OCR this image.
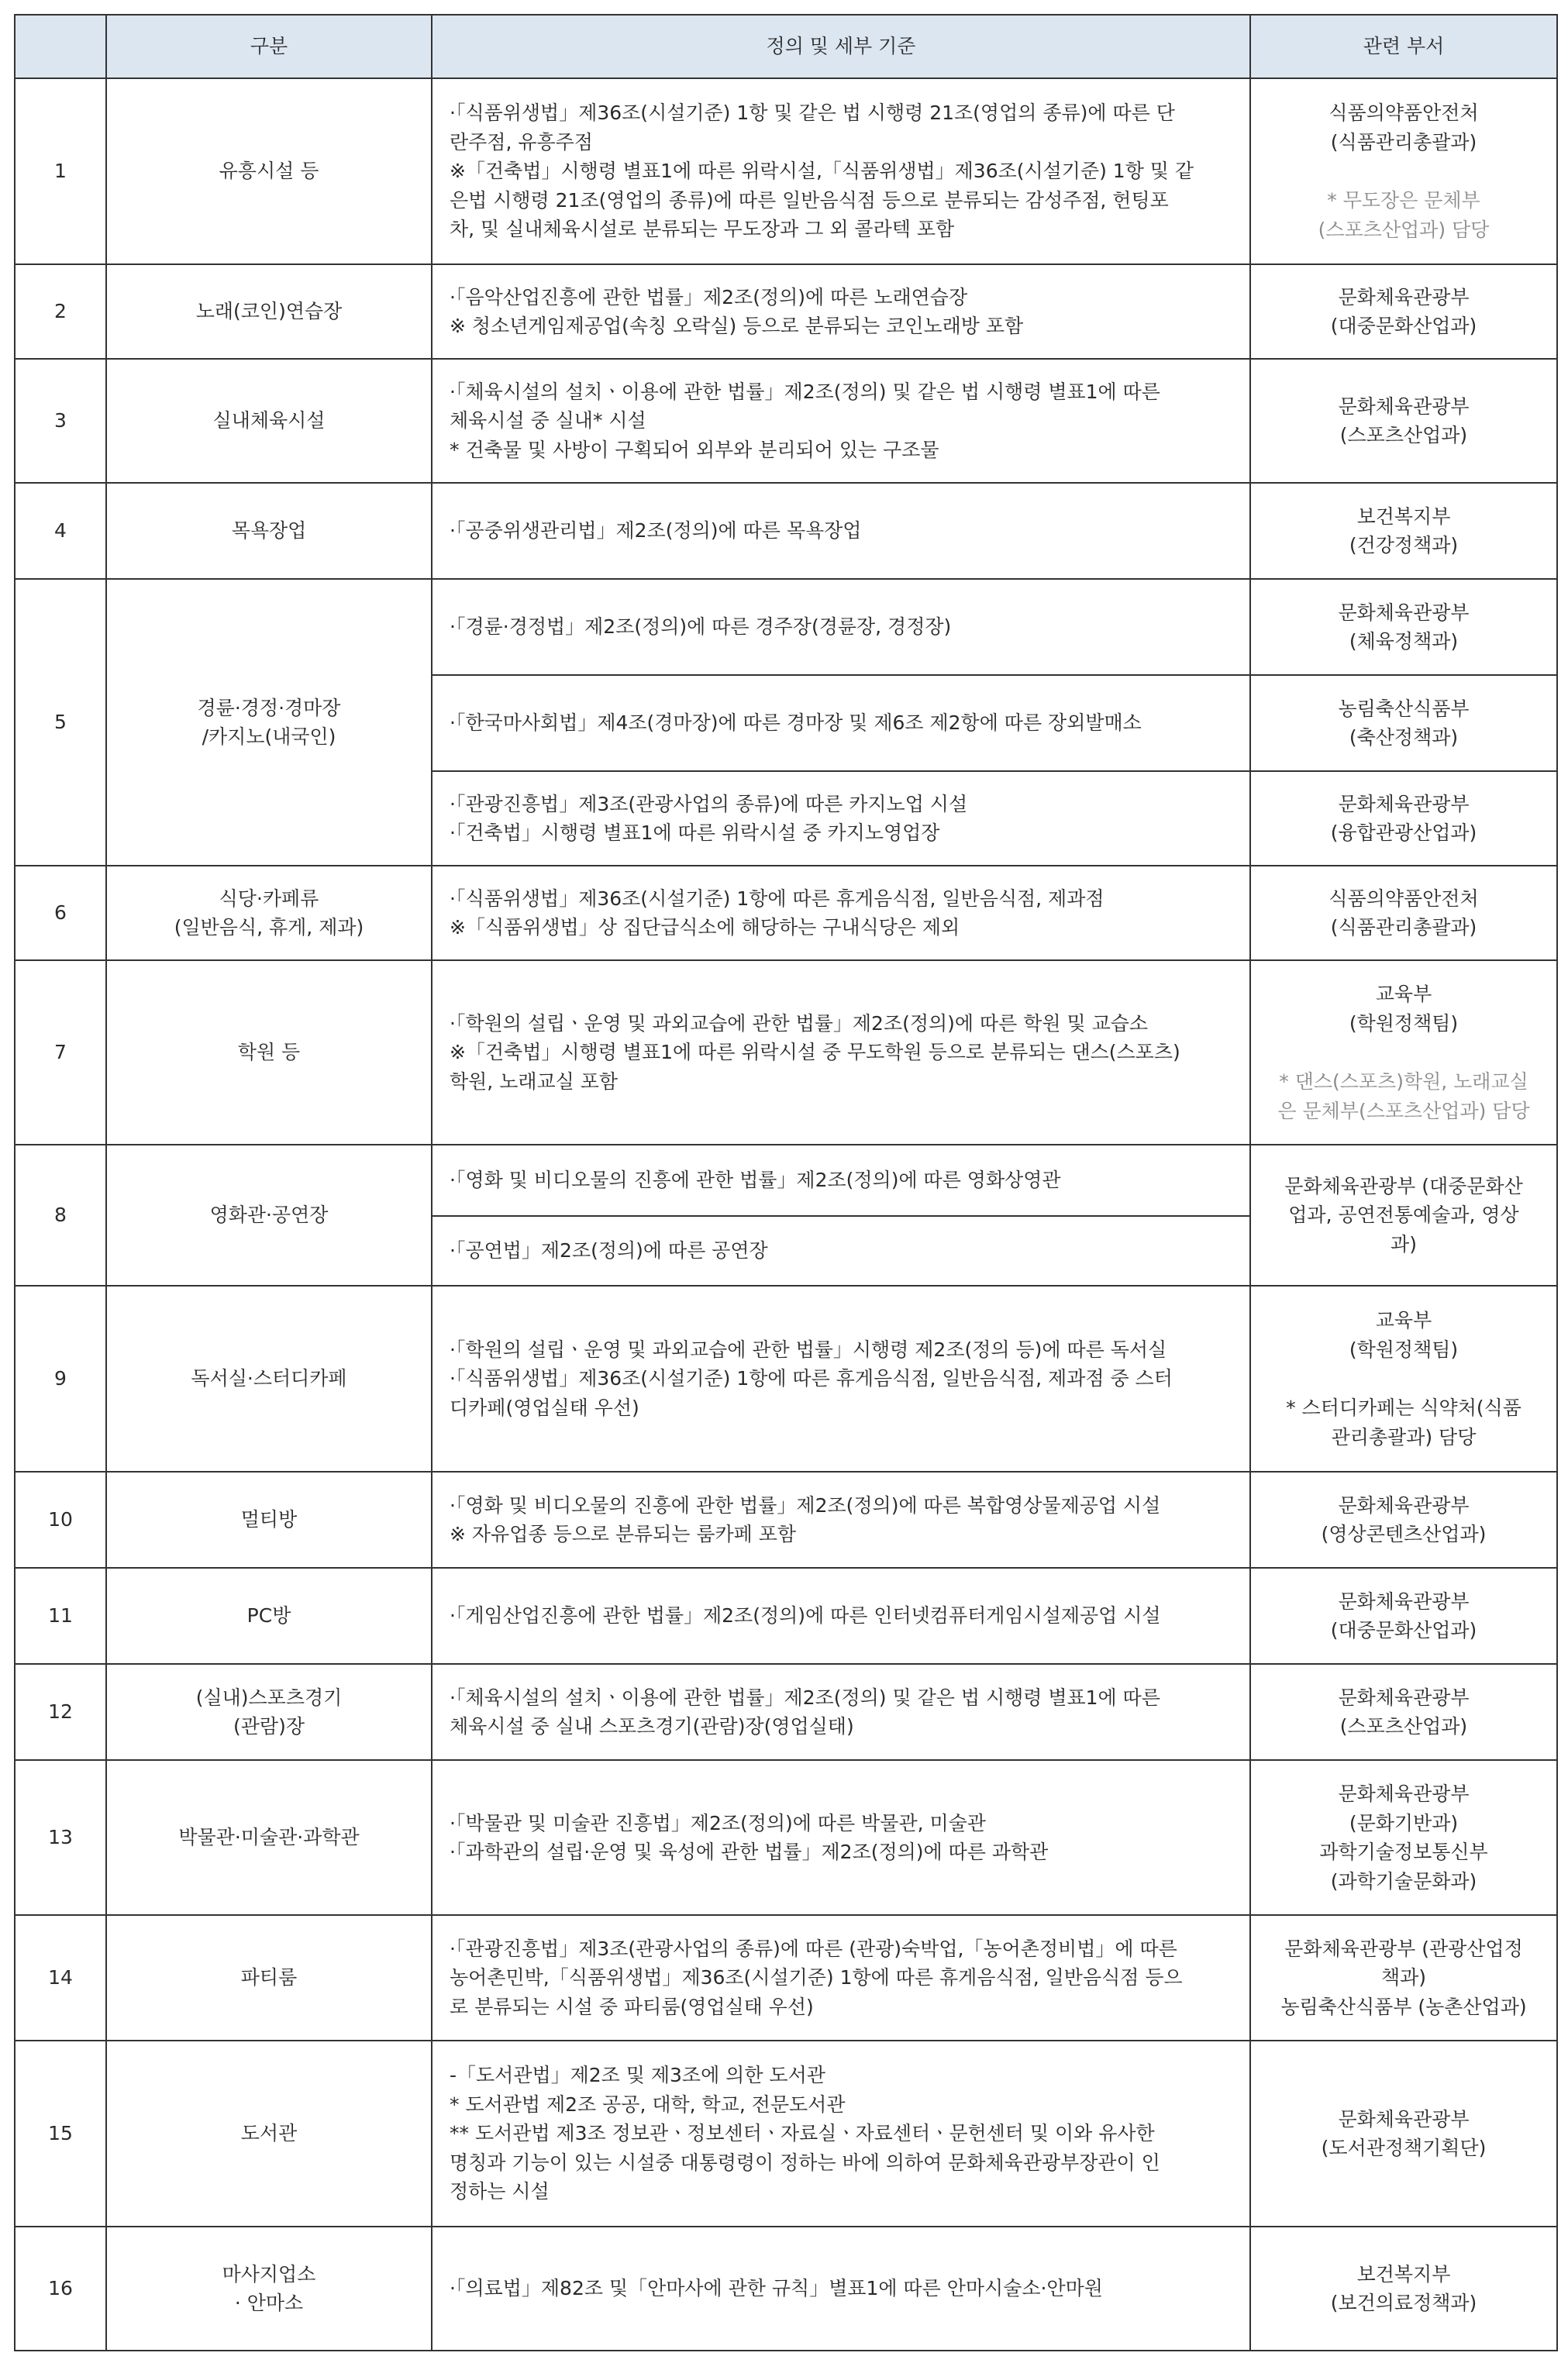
	구분	정의 및 세부 기준	관련 부서
1	유흥시설 등	·「식품위생법」제36조(시설기준) 1항 및 같은 법 시행령 21조(영업의 종류)에 따른 단
란주점, 유흥주점
※「건축법」시행령 별표1에 따른 위락시설,「식품위생법」제36조(시설기준) 1항 및 같
은법 시행령 21조(영업의 종류)에 따른 일반음식점 등으로 분류되는 감성주점, 헌팅포
차, 및 실내체육시설로 분류되는 무도장과 그 외 콜라텍 포함	식품의약품안전처
(식품관리총괄과)
* 무도장은 문체부
(스포츠산업과) 담당

2	노래(코인)연습장	·「음악산업진흥에 관한 법률」제2조(정의)에 따른 노래연습장
※ 청소년게임제공업(속칭 오락실) 등으로 분류되는 코인노래방 포함	문화체육관광부
(대중문화산업과)

3	실내체육시설	·「체육시설의 설치ㆍ이용에 관한 법률」제2조(정의) 및 같은 법 시행령 별표1에 따른
체육시설 중 실내* 시설
* 건축물 및 사방이 구획되어 외부와 분리되어 있는 구조물	문화체육관광부
(스포츠산업과)

4	목욕장업	·「공중위생관리법」제2조(정의)에 따른 목욕장업	보건복지부
(건강정책과)

5	경륜·경정·경마장
/카지노(내국인)	·「경륜·경정법」제2조(정의)에 따른 경주장(경륜장, 경정장)	문화체육관광부
(체육정책과)

		·「한국마사회법」제4조(경마장)에 따른 경마장 및 제6조 제2항에 따른 장외발매소	농림축산식품부
(축산정책과)

		·「관광진흥법」제3조(관광사업의 종류)에 따른 카지노업 시설
·「건축법」시행령 별표1에 따른 위락시설 중 카지노영업장	문화체육관광부
(융합관광산업과)

6	식당·카페류
(일반음식, 휴게, 제과)	·「식품위생법」제36조(시설기준) 1항에 따른 휴게음식점, 일반음식점, 제과점
※「식품위생법」상 집단급식소에 해당하는 구내식당은 제외	식품의약품안전처
(식품관리총괄과)

7	학원 등	·「학원의 설립ㆍ운영 및 과외교습에 관한 법률」제2조(정의)에 따른 학원 및 교습소
※「건축법」시행령 별표1에 따른 위락시설 중 무도학원 등으로 분류되는 댄스(스포츠)
학원, 노래교실 포함	교육부
(학원정책팀)
* 댄스(스포츠)학원, 노래교실
은 문체부(스포츠산업과) 담당

8	영화관·공연장	·「영화 및 비디오물의 진흥에 관한 법률」제2조(정의)에 따른 영화상영관	문화체육관광부 (대중문화산
업과, 공연전통예술과, 영상
과)

		·「공연법」제2조(정의)에 따른 공연장	

9	독서실·스터디카페	·「학원의 설립ㆍ운영 및 과외교습에 관한 법률」시행령 제2조(정의 등)에 따른 독서실
·「식품위생법」제36조(시설기준) 1항에 따른 휴게음식점, 일반음식점, 제과점 중 스터
디카페(영업실태 우선)	교육부
(학원정책팀)
* 스터디카페는 식약처(식품
관리총괄과) 담당

10	멀티방	·「영화 및 비디오물의 진흥에 관한 법률」제2조(정의)에 따른 복합영상물제공업 시설
※ 자유업종 등으로 분류되는 룸카페 포함	문화체육관광부
(영상콘텐츠산업과)

11	PC방	·「게임산업진흥에 관한 법률」제2조(정의)에 따른 인터넷컴퓨터게임시설제공업 시설	문화체육관광부
(대중문화산업과)

12	(실내)스포츠경기
(관람)장	·「체육시설의 설치ㆍ이용에 관한 법률」제2조(정의) 및 같은 법 시행령 별표1에 따른
체육시설 중 실내 스포츠경기(관람)장(영업실태)	문화체육관광부
(스포츠산업과)

13	박물관·미술관·과학관	·「박물관 및 미술관 진흥법」제2조(정의)에 따른 박물관, 미술관
·「과학관의 설립·운영 및 육성에 관한 법률」제2조(정의)에 따른 과학관	문화체육관광부
(문화기반과)
과학기술정보통신부
(과학기술문화과)

14	파티룸	·「관광진흥법」제3조(관광사업의 종류)에 따른 (관광)숙박업,「농어촌정비법」에 따른
농어촌민박,「식품위생법」제36조(시설기준) 1항에 따른 휴게음식점, 일반음식점 등으
로 분류되는 시설 중 파티룸(영업실태 우선)	문화체육관광부 (관광산업정
책과)
농림축산식품부 (농촌산업과)

15	도서관	-「도서관법」제2조 및 제3조에 의한 도서관
* 도서관법 제2조 공공, 대학, 학교, 전문도서관
** 도서관법 제3조 정보관ㆍ정보센터ㆍ자료실ㆍ자료센터ㆍ문헌센터 및 이와 유사한
명칭과 기능이 있는 시설중 대통령령이 정하는 바에 의하여 문화체육관광부장관이 인
정하는 시설	문화체육관광부
(도서관정책기획단)

16	마사지업소
· 안마소	·「의료법」제82조 및「안마사에 관한 규칙」별표1에 따른 안마시술소·안마원	보건복지부
(보건의료정책과)
